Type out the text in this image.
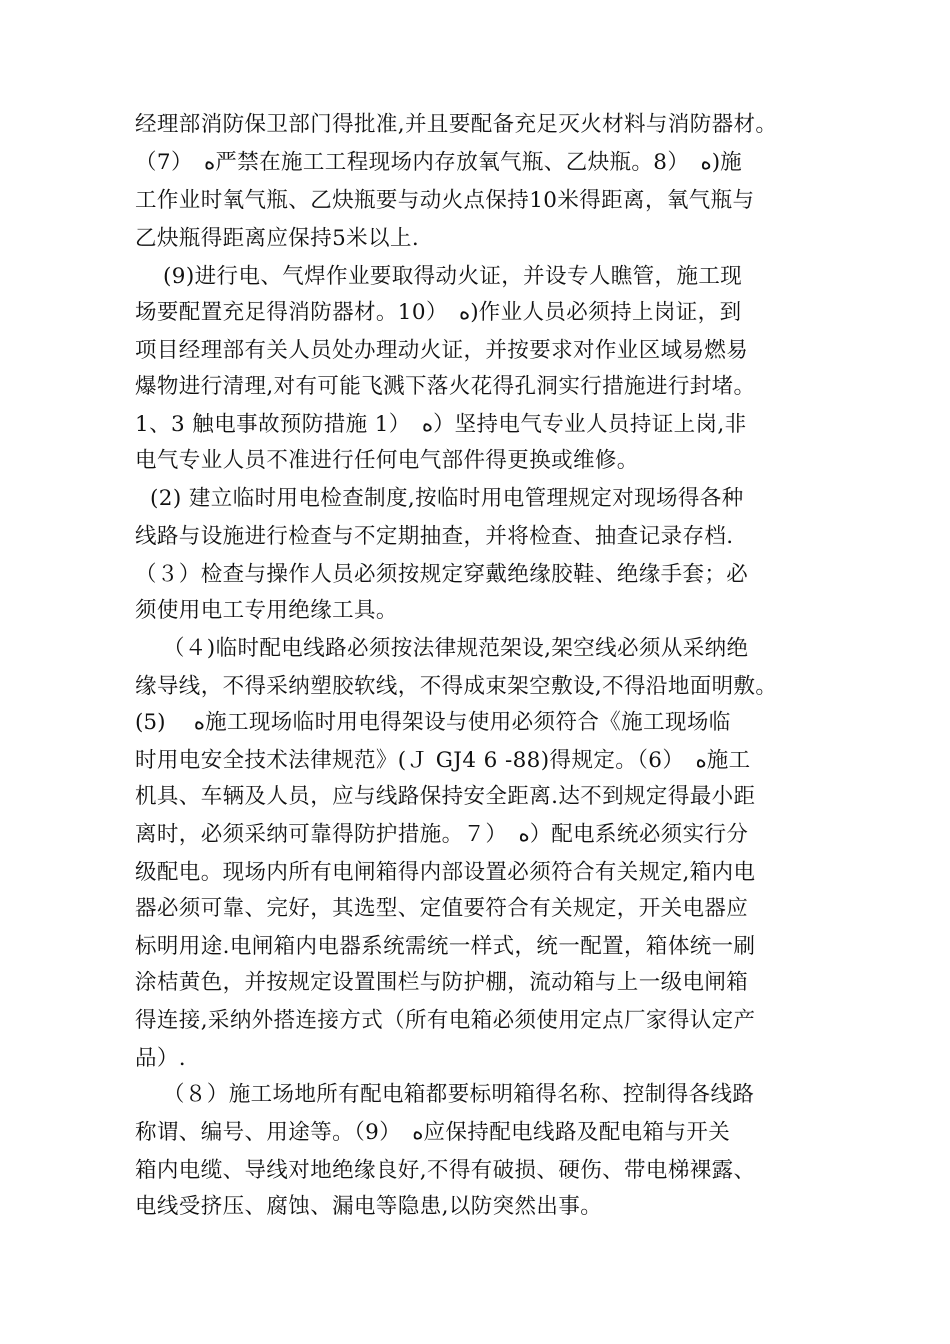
经理部消防保卫部门得批准,并且要配备充足灭火材料与消防器材。
（7）　ﻩ严禁在施工工程现场内存放氧气瓶、乙炔瓶。8）　ﻩ)施
工作业时氧气瓶、乙炔瓶要与动火点保持10米得距离，氧气瓶与
乙炔瓶得距离应保持5米以上.
(9)进行电、气焊作业要取得动火证，并设专人瞧管，施工现
场要配置充足得消防器材。10）　ﻩ)作业人员必须持上岗证，到
项目经理部有关人员处办理动火证，并按要求对作业区域易燃易
爆物进行清理,对有可能飞溅下落火花得孔洞实行措施进行封堵。
1、3 触电事故预防措施 1）　ﻩ）坚持电气专业人员持证上岗,非
电气专业人员不准进行任何电气部件得更换或维修。
(2) 建立临时用电检查制度,按临时用电管理规定对现场得各种
线路与设施进行检查与不定期抽查，并将检查、抽查记录存档.
（３）检查与操作人员必须按规定穿戴绝缘胶鞋、绝缘手套；必
须使用电工专用绝缘工具。
（４)临时配电线路必须按法律规范架设,架空线必须从采纳绝
缘导线，不得采纳塑胶软线，不得成束架空敷设,不得沿地面明敷。
(5)　 ﻩ施工现场临时用电得架设与使用必须符合《施工现场临
时用电安全技术法律规范》(Ｊ GJ4 6 -88)得规定。（6）　ﻩ施工
机具、车辆及人员，应与线路保持安全距离.达不到规定得最小距
离时，必须采纳可靠得防护措施。７）　ﻩ）配电系统必须实行分
级配电。现场内所有电闸箱得内部设置必须符合有关规定,箱内电
器必须可靠、完好，其选型、定值要符合有关规定，开关电器应
标明用途.电闸箱内电器系统需统一样式，统一配置，箱体统一刷
涂桔黄色，并按规定设置围栏与防护棚，流动箱与上一级电闸箱
得连接,采纳外搭连接方式（所有电箱必须使用定点厂家得认定产
品）.
（８）施工场地所有配电箱都要标明箱得名称、控制得各线路
称谓、编号、用途等。（9）　ﻩ应保持配电线路及配电箱与开关
箱内电缆、导线对地绝缘良好,不得有破损、硬伤、带电梯裸露、
电线受挤压、腐蚀、漏电等隐患,以防突然出事。
